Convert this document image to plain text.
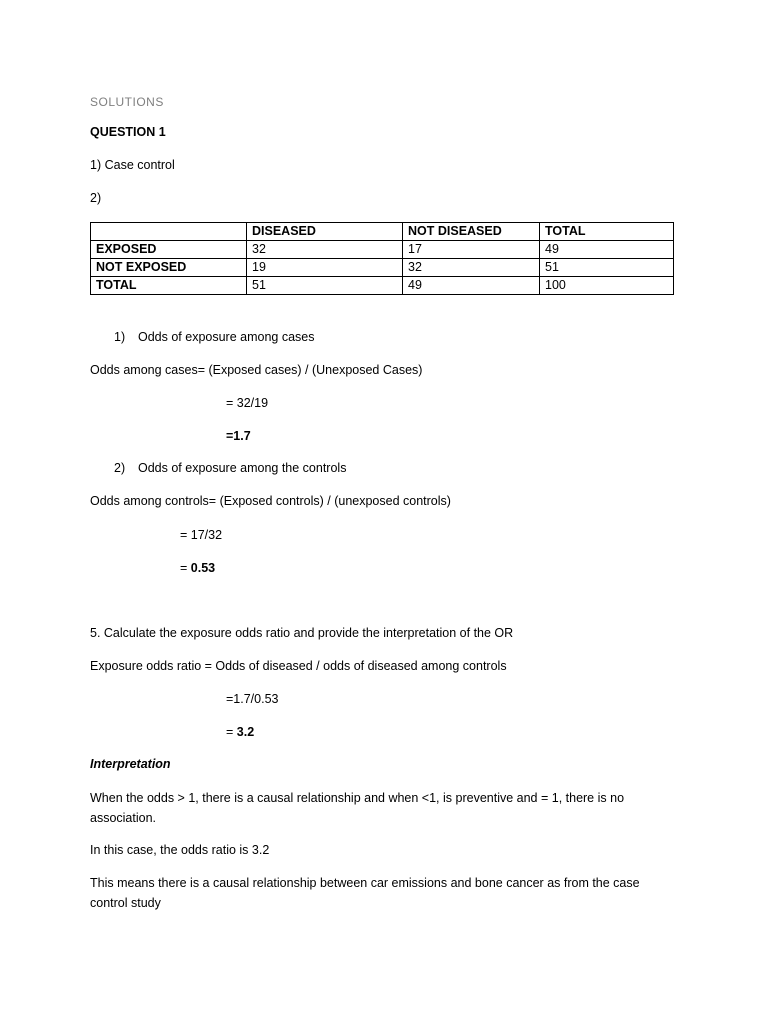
SOLUTIONS
QUESTION 1
1) Case control
2)
	DISEASED	NOT DISEASED	TOTAL
EXPOSED	32	17	49
NOT EXPOSED	19	32	51
TOTAL	51	49	100
1) Odds of exposure among cases
Odds among cases= (Exposed cases) / (Unexposed Cases)
= 32/19
=1.7
2) Odds of exposure among the controls
Odds among controls= (Exposed controls) / (unexposed controls)
= 17/32
= 0.53
5. Calculate the exposure odds ratio and provide the interpretation of the OR
Exposure odds ratio = Odds of diseased / odds of diseased among controls
=1.7/0.53
= 3.2
Interpretation
When the odds > 1, there is a causal relationship and when <1, is preventive and = 1, there is no
association.
In this case, the odds ratio is 3.2
This means there is a causal relationship between car emissions and bone cancer as from the case
control study
